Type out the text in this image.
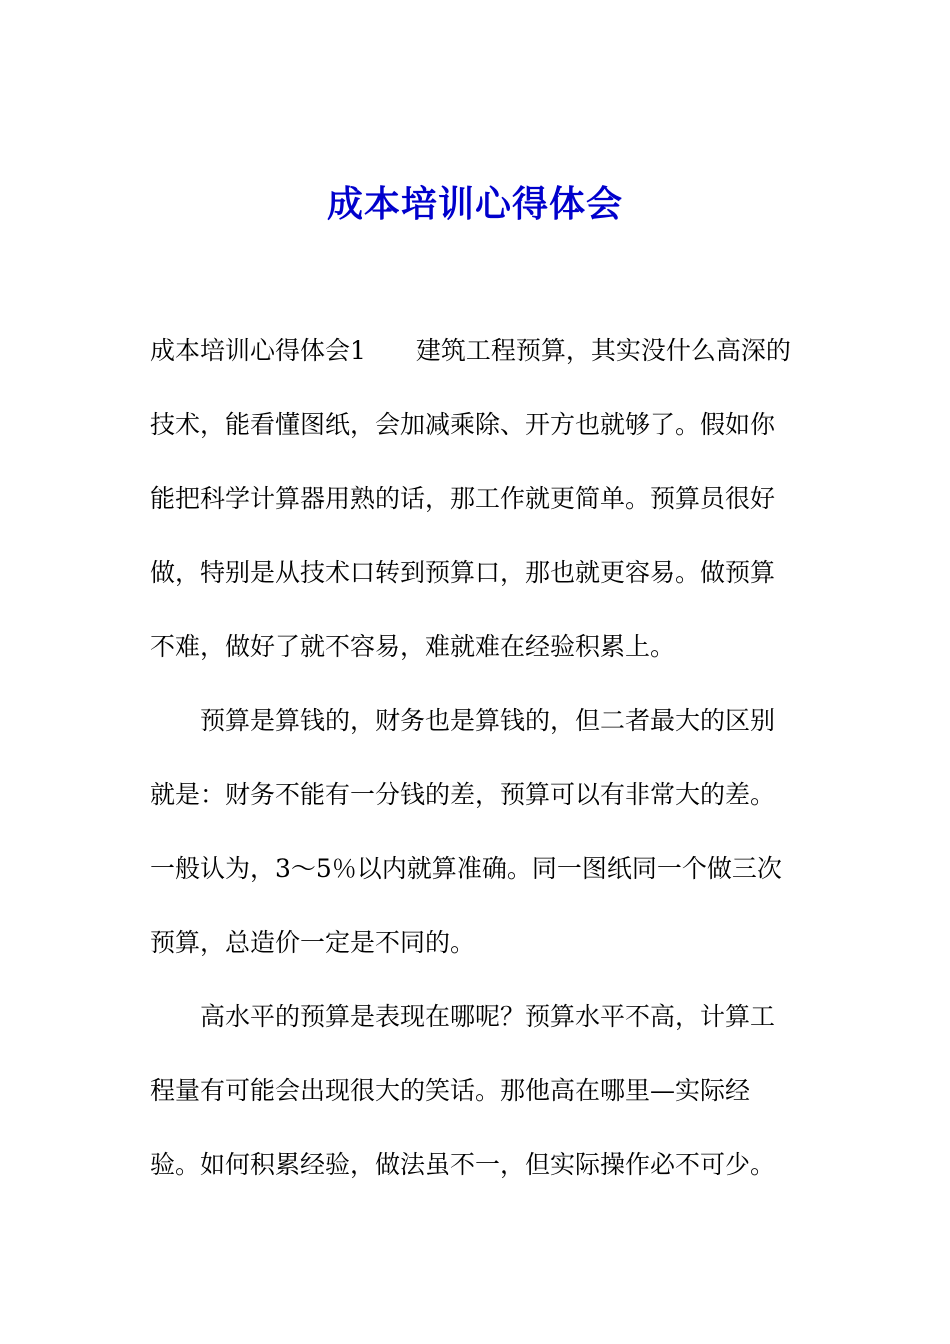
成本培训心得体会
成本培训心得体会1　　建筑工程预算，其实没什么高深的
技术，能看懂图纸，会加减乘除、开方也就够了。假如你
能把科学计算器用熟的话，那工作就更简单。预算员很好
做，特别是从技术口转到预算口，那也就更容易。做预算
不难，做好了就不容易，难就难在经验积累上。
　　预算是算钱的，财务也是算钱的，但二者最大的区别
就是：财务不能有一分钱的差，预算可以有非常大的差。
一般认为，3～5％以内就算准确。同一图纸同一个做三次
预算，总造价一定是不同的。
　　高水平的预算是表现在哪呢？预算水平不高，计算工
程量有可能会出现很大的笑话。那他高在哪里—实际经
验。如何积累经验，做法虽不一，但实际操作必不可少。
